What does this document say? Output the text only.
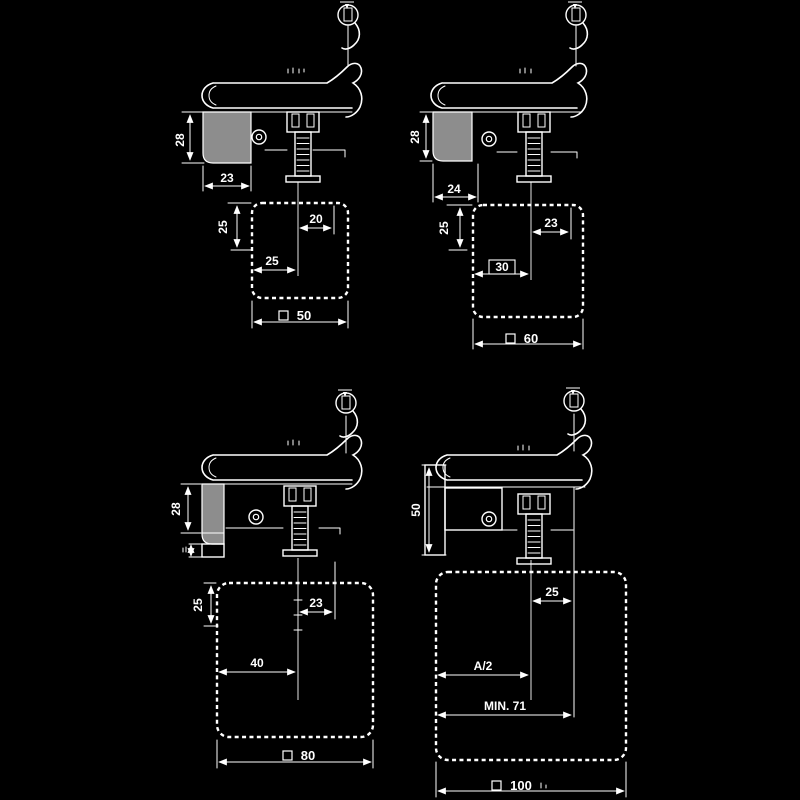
28
23
25
20
25
50
28
24
25	23
30
60
28
25	23
40
80
50
25
A/2
MIN. 71
100
